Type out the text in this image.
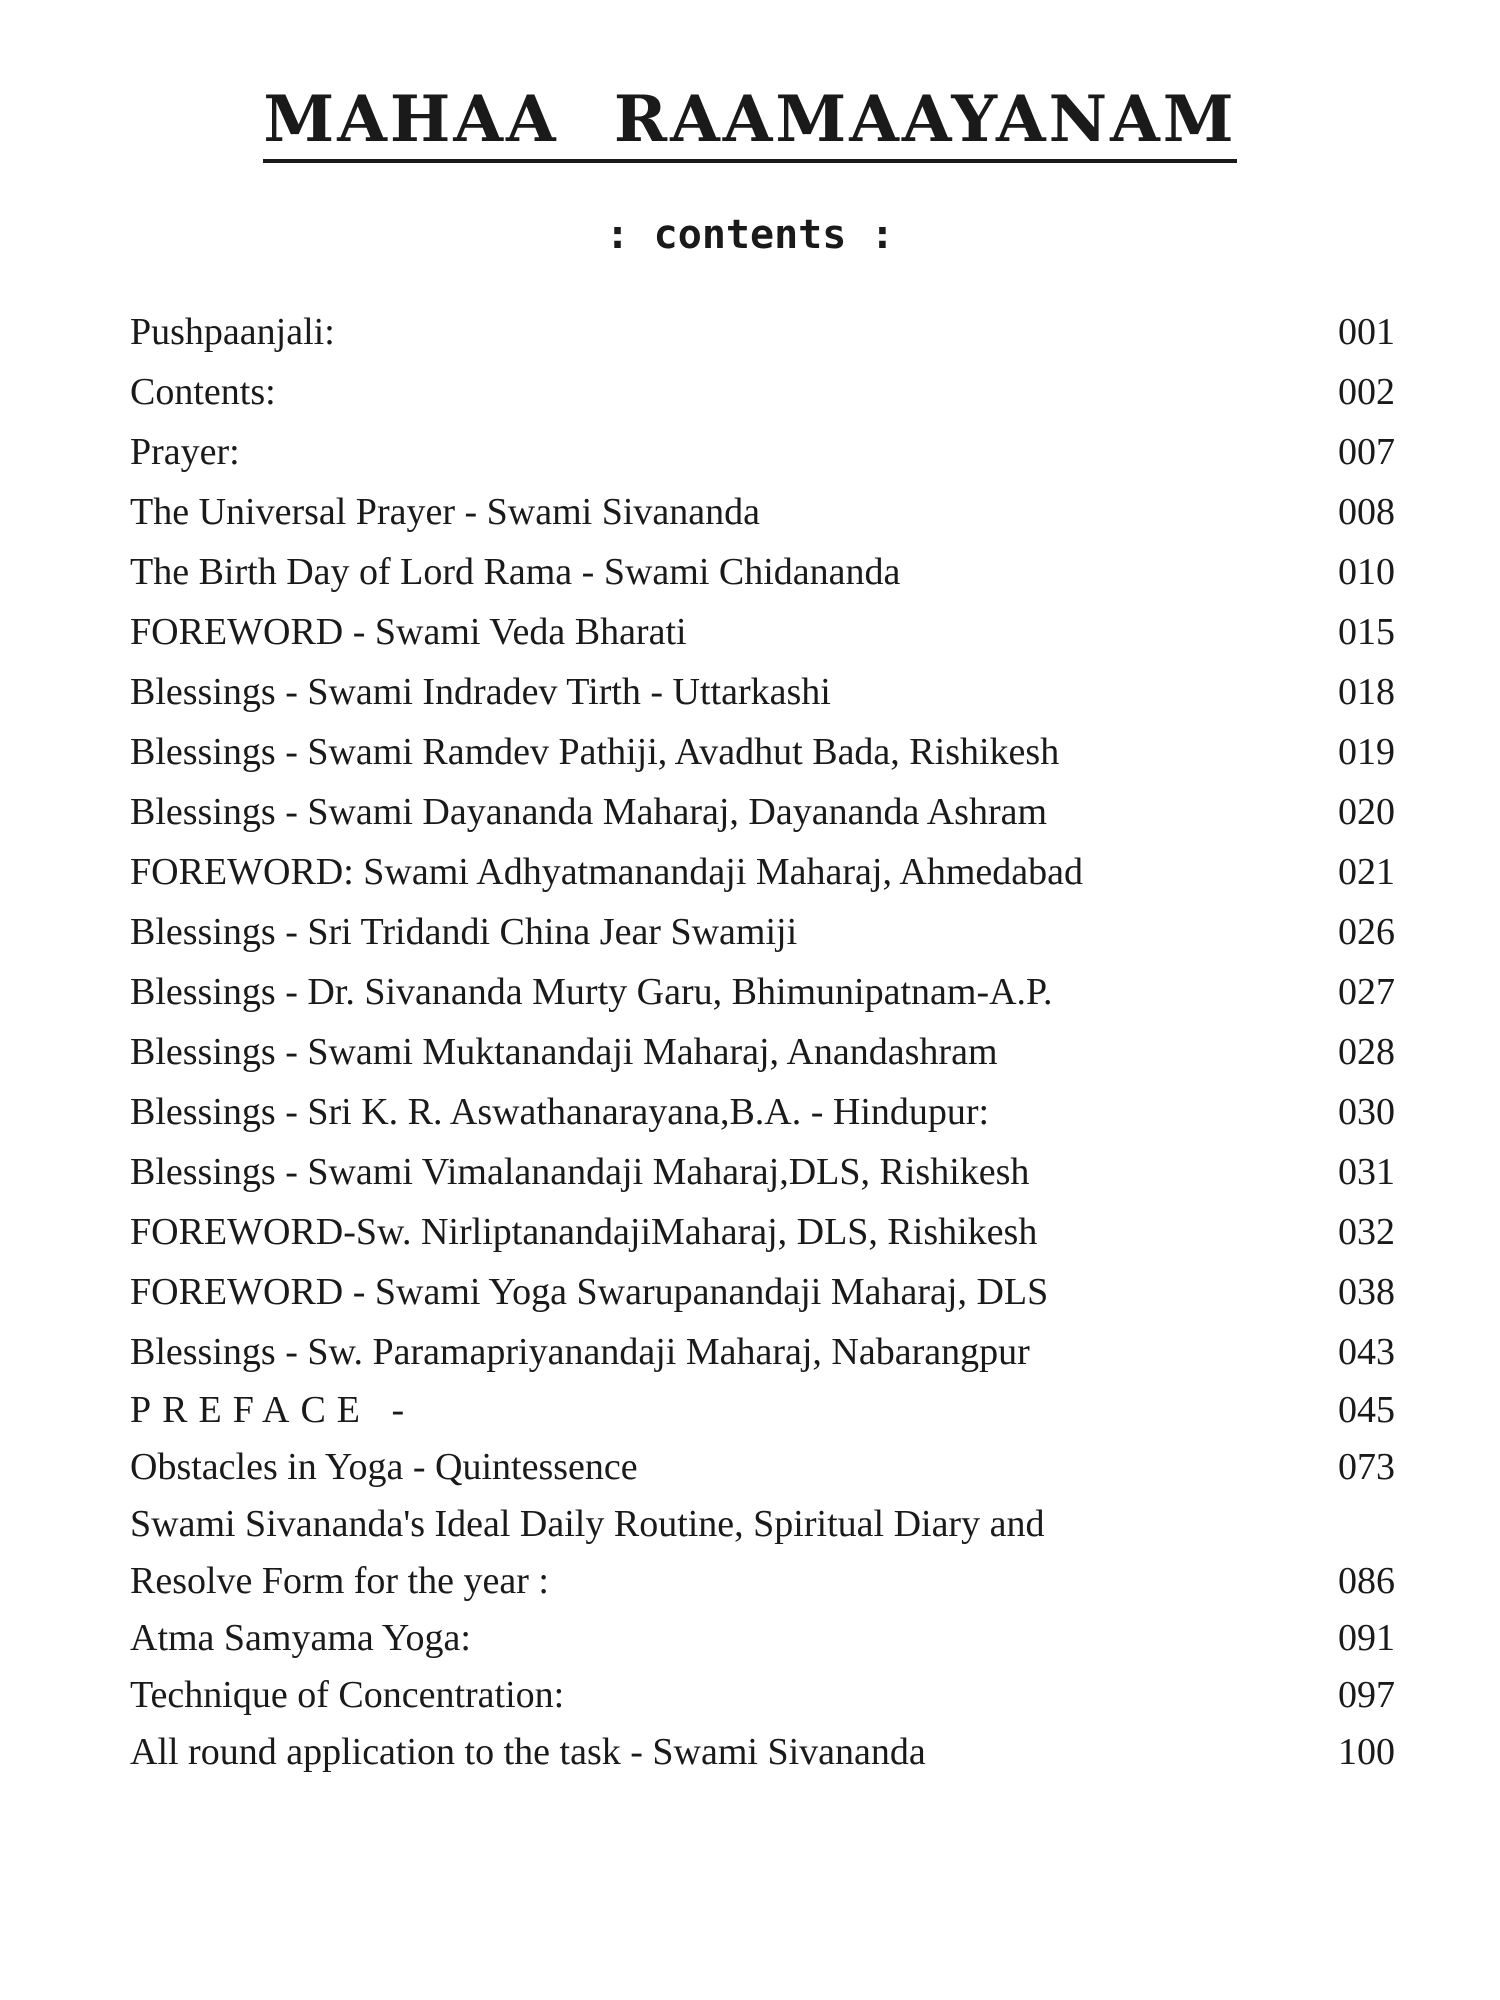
MAHAA RAAMAAYANAM
: contents :
Pushpaanjali:	001
Contents:	002
Prayer:	007
The Universal Prayer - Swami Sivananda	008
The Birth Day of Lord Rama - Swami Chidananda	010
FOREWORD - Swami Veda Bharati	015
Blessings - Swami Indradev Tirth - Uttarkashi	018
Blessings - Swami Ramdev Pathiji, Avadhut Bada, Rishikesh	019
Blessings - Swami Dayananda Maharaj, Dayananda Ashram	020
FOREWORD: Swami Adhyatmanandaji Maharaj, Ahmedabad	021
Blessings - Sri Tridandi China Jear Swamiji	026
Blessings - Dr. Sivananda Murty Garu, Bhimunipatnam-A.P.	027
Blessings - Swami Muktanandaji Maharaj, Anandashram	028
Blessings - Sri K. R. Aswathanarayana,B.A. - Hindupur:	030
Blessings - Swami Vimalanandaji Maharaj,DLS, Rishikesh	031
FOREWORD-Sw. NirliptanandajiMaharaj, DLS, Rishikesh	032
FOREWORD - Swami Yoga Swarupanandaji Maharaj, DLS	038
Blessings - Sw. Paramapriyanandaji Maharaj, Nabarangpur	043
PREFACE -	045
Obstacles in Yoga - Quintessence	073
Swami Sivananda's Ideal Daily Routine, Spiritual Diary and
Resolve Form for the year :	086
Atma Samyama Yoga:	091
Technique of Concentration:	097
All round application to the task - Swami Sivananda	100
